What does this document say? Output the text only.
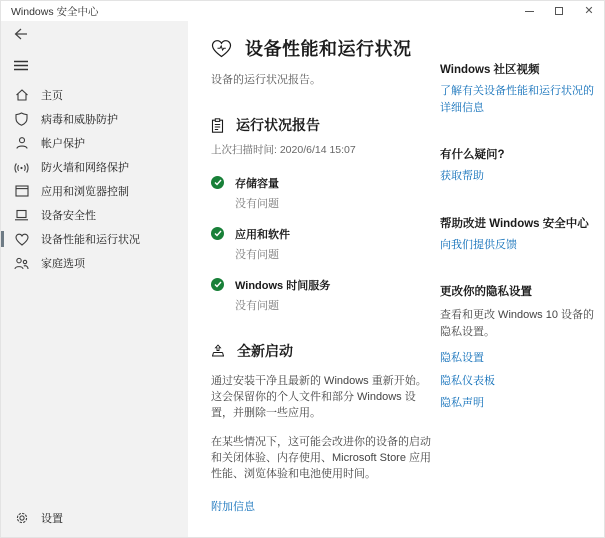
Windows 安全中心	✕
主页
病毒和威胁防护
帐户保护
防火墙和网络保护
应用和浏览器控制
设备安全性
设备性能和运行状况
家庭选项
设置
设备性能和运行状况
设备的运行状况报告。
运行状况报告
上次扫描时间: 2020/6/14 15:07
存储容量
没有问题
应用和软件
没有问题
Windows 时间服务
没有问题
全新启动

通过安装干净且最新的 Windows 重新开始。这会保留你的个人文件和部分 Windows 设置，并删除一些应用。

在某些情况下，这可能会改进你的设备的启动和关闭体验、内存使用、Microsoft Store 应用性能、浏览体验和电池使用时间。

附加信息
Windows 社区视频
了解有关设备性能和运行状况的详细信息
有什么疑问?
获取帮助
帮助改进 Windows 安全中心
向我们提供反馈
更改你的隐私设置
查看和更改 Windows 10 设备的隐私设置。
隐私设置
隐私仪表板
隐私声明
